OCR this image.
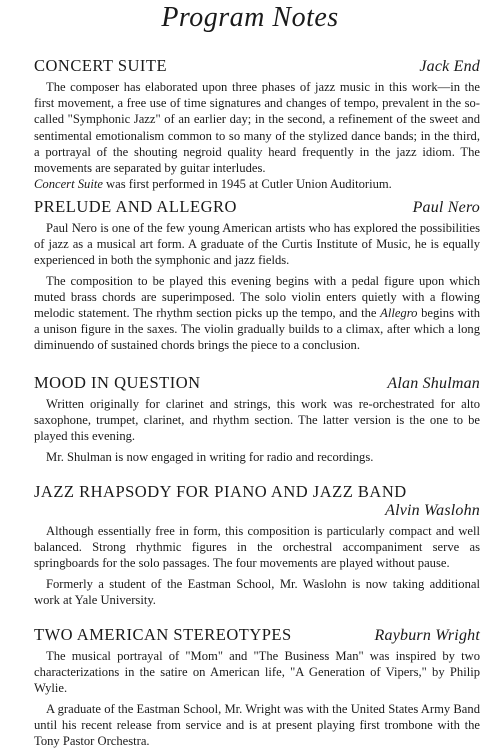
Program Notes
CONCERT SUITE	Jack End

The composer has elaborated upon three phases of jazz music in this work—in the first movement, a free use of time signatures and changes of tempo, prevalent in the so-called "Symphonic Jazz" of an earlier day; in the second, a refinement of the sweet and sentimental emotionalism common to so many of the stylized dance bands; in the third, a portrayal of the shouting negroid quality heard frequently in the jazz idiom. The movements are separated by guitar interludes.

Concert Suite was first performed in 1945 at Cutler Union Auditorium.

PRELUDE AND ALLEGRO	Paul Nero

Paul Nero is one of the few young American artists who has explored the possibilities of jazz as a musical art form. A graduate of the Curtis Institute of Music, he is equally experienced in both the symphonic and jazz fields.

The composition to be played this evening begins with a pedal figure upon which muted brass chords are superimposed. The solo violin enters quietly with a flowing melodic statement. The rhythm section picks up the tempo, and the Allegro begins with a unison figure in the saxes. The violin gradually builds to a climax, after which a long diminuendo of sustained chords brings the piece to a conclusion.

MOOD IN QUESTION	Alan Shulman

Written originally for clarinet and strings, this work was re-orchestrated for alto saxophone, trumpet, clarinet, and rhythm section. The latter version is the one to be played this evening.

Mr. Shulman is now engaged in writing for radio and recordings.

JAZZ RHAPSODY FOR PIANO AND JAZZ BAND
Alvin Waslohn

Although essentially free in form, this composition is particularly compact and well balanced. Strong rhythmic figures in the orchestral accompaniment serve as springboards for the solo passages. The four movements are played without pause.

Formerly a student of the Eastman School, Mr. Waslohn is now taking additional work at Yale University.

TWO AMERICAN STEREOTYPES	Rayburn Wright

The musical portrayal of "Mom" and "The Business Man" was inspired by two characterizations in the satire on American life, "A Generation of Vipers," by Philip Wylie.

A graduate of the Eastman School, Mr. Wright was with the United States Army Band until his recent release from service and is at present playing first trombone with the Tony Pastor Orchestra.
